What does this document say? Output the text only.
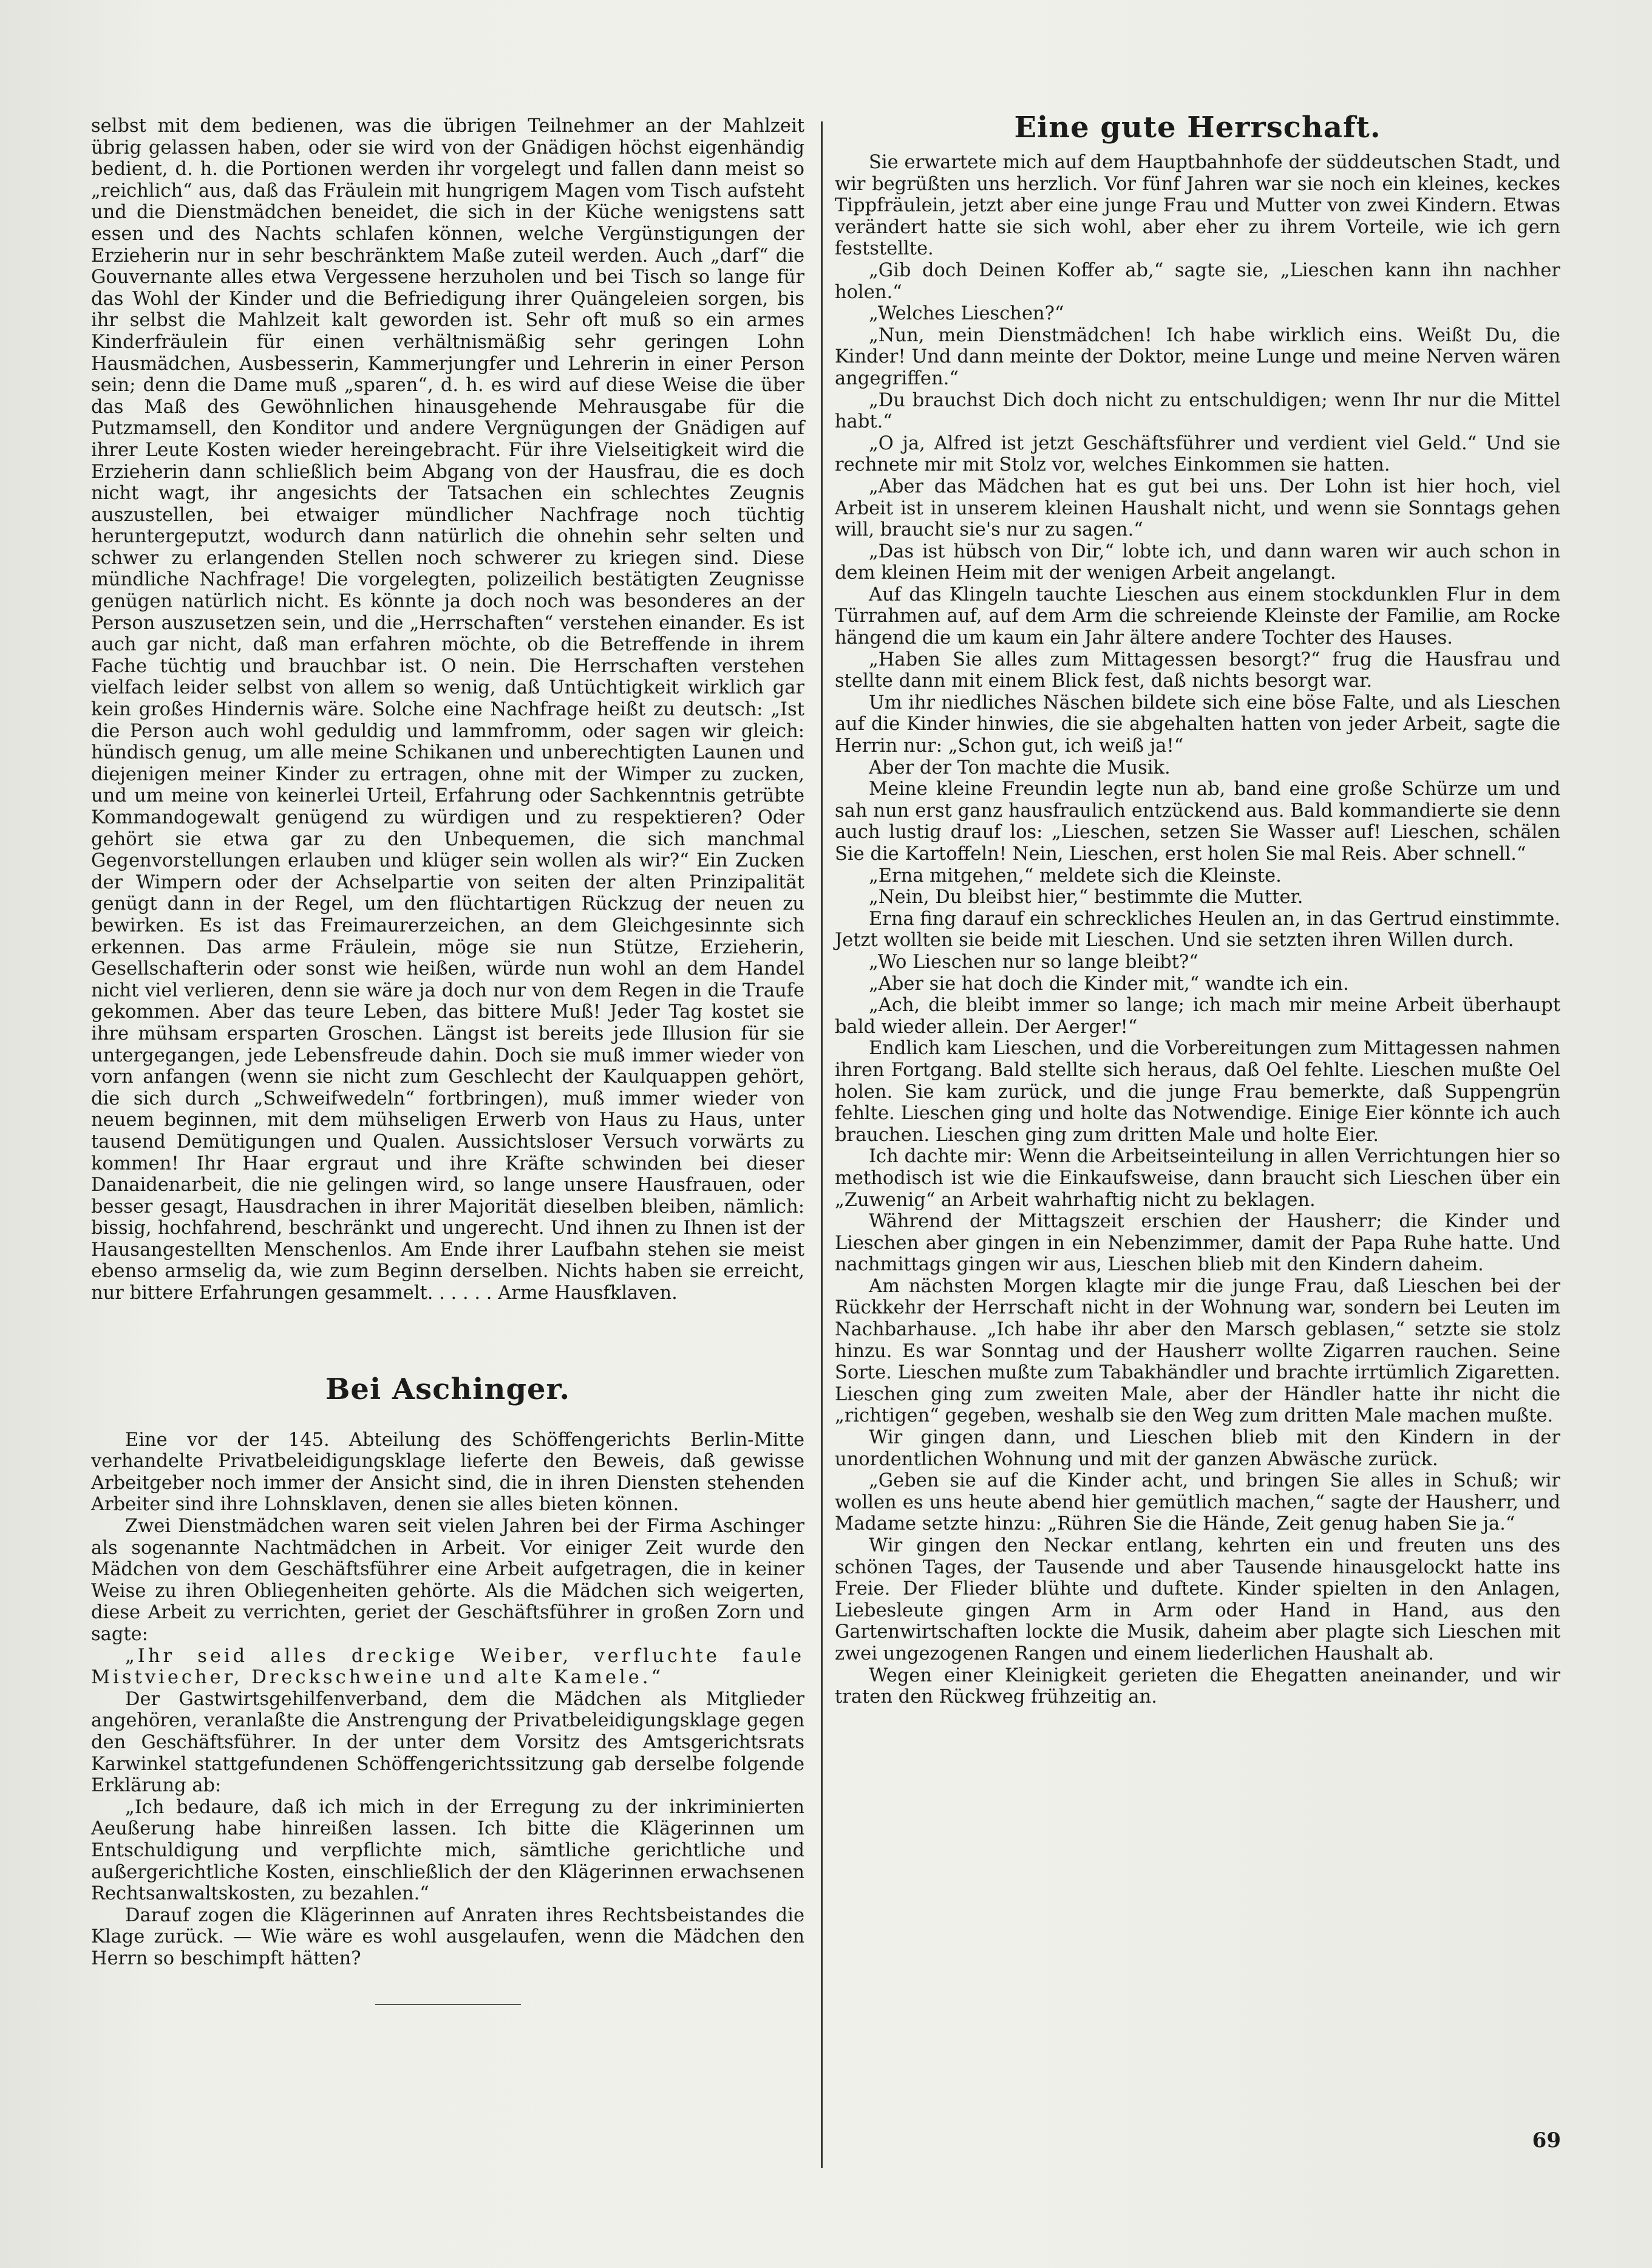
selbst mit dem bedienen, was die übrigen Teilnehmer an der Mahlzeit übrig gelassen haben, oder sie wird von der Gnädigen höchst eigenhändig bedient, d. h. die Portionen werden ihr vorgelegt und fallen dann meist so „reichlich“ aus, daß das Fräulein mit hungrigem Magen vom Tisch aufsteht und die Dienstmädchen beneidet, die sich in der Küche wenigstens satt essen und des Nachts schlafen können, welche Vergünstigungen der Erzieherin nur in sehr beschränktem Maße zuteil werden. Auch „darf“ die Gouvernante alles etwa Vergessene herzuholen und bei Tisch so lange für das Wohl der Kinder und die Befriedigung ihrer Quängeleien sorgen, bis ihr selbst die Mahlzeit kalt geworden ist. Sehr oft muß so ein armes Kinderfräulein für einen verhältnismäßig sehr geringen Lohn Hausmädchen, Ausbesserin, Kammerjungfer und Lehrerin in einer Person sein; denn die Dame muß „sparen“, d. h. es wird auf diese Weise die über das Maß des Gewöhnlichen hinausgehende Mehrausgabe für die Putzmamsell, den Konditor und andere Vergnügungen der Gnädigen auf ihrer Leute Kosten wieder hereingebracht. Für ihre Vielseitigkeit wird die Erzieherin dann schließlich beim Abgang von der Hausfrau, die es doch nicht wagt, ihr angesichts der Tatsachen ein schlechtes Zeugnis auszustellen, bei etwaiger mündlicher Nachfrage noch tüchtig heruntergeputzt, wodurch dann natürlich die ohnehin sehr selten und schwer zu erlangenden Stellen noch schwerer zu kriegen sind. Diese mündliche Nachfrage! Die vorgelegten, polizeilich bestätigten Zeugnisse genügen natürlich nicht. Es könnte ja doch noch was besonderes an der Person auszusetzen sein, und die „Herrschaften“ verstehen einander. Es ist auch gar nicht, daß man erfahren möchte, ob die Betreffende in ihrem Fache tüchtig und brauchbar ist. O nein. Die Herrschaften verstehen vielfach leider selbst von allem so wenig, daß Untüchtigkeit wirklich gar kein großes Hindernis wäre. Solche eine Nachfrage heißt zu deutsch: „Ist die Person auch wohl geduldig und lammfromm, oder sagen wir gleich: hündisch genug, um alle meine Schikanen und unberechtigten Launen und diejenigen meiner Kinder zu ertragen, ohne mit der Wimper zu zucken, und um meine von keinerlei Urteil, Erfahrung oder Sachkenntnis getrübte Kommandogewalt genügend zu würdigen und zu respektieren? Oder gehört sie etwa gar zu den Unbequemen, die sich manchmal Gegenvorstellungen erlauben und klüger sein wollen als wir?“ Ein Zucken der Wimpern oder der Achselpartie von seiten der alten Prinzipalität genügt dann in der Regel, um den flüchtartigen Rückzug der neuen zu bewirken. Es ist das Freimaurerzeichen, an dem Gleichgesinnte sich erkennen. Das arme Fräulein, möge sie nun Stütze, Erzieherin, Gesellschafterin oder sonst wie heißen, würde nun wohl an dem Handel nicht viel verlieren, denn sie wäre ja doch nur von dem Regen in die Traufe gekommen. Aber das teure Leben, das bittere Muß! Jeder Tag kostet sie ihre mühsam ersparten Groschen. Längst ist bereits jede Illusion für sie untergegangen, jede Lebensfreude dahin. Doch sie muß immer wieder von vorn anfangen (wenn sie nicht zum Geschlecht der Kaulquappen gehört, die sich durch „Schweifwedeln“ fortbringen), muß immer wieder von neuem beginnen, mit dem mühseligen Erwerb von Haus zu Haus, unter tausend Demütigungen und Qualen. Aussichtsloser Versuch vorwärts zu kommen! Ihr Haar ergraut und ihre Kräfte schwinden bei dieser Danaidenarbeit, die nie gelingen wird, so lange unsere Hausfrauen, oder besser gesagt, Hausdrachen in ihrer Majorität dieselben bleiben, nämlich: bissig, hochfahrend, beschränkt und ungerecht. Und ihnen zu Ihnen ist der Hausangestellten Menschenlos. Am Ende ihrer Laufbahn stehen sie meist ebenso armselig da, wie zum Beginn derselben. Nichts haben sie erreicht, nur bittere Erfahrungen gesammelt. . . . . . Arme Hausfklaven.

Bei Aschinger.

Eine vor der 145. Abteilung des Schöffengerichts Berlin-Mitte verhandelte Privatbeleidigungsklage lieferte den Beweis, daß gewisse Arbeitgeber noch immer der Ansicht sind, die in ihren Diensten stehenden Arbeiter sind ihre Lohnsklaven, denen sie alles bieten können.

Zwei Dienstmädchen waren seit vielen Jahren bei der Firma Aschinger als sogenannte Nachtmädchen in Arbeit. Vor einiger Zeit wurde den Mädchen von dem Geschäftsführer eine Arbeit aufgetragen, die in keiner Weise zu ihren Obliegenheiten gehörte. Als die Mädchen sich weigerten, diese Arbeit zu verrichten, geriet der Geschäftsführer in großen Zorn und sagte:

„Ihr seid alles dreckige Weiber, verfluchte faule Mistviecher, Dreckschweine und alte Kamele.“

Der Gastwirtsgehilfenverband, dem die Mädchen als Mitglieder angehören, veranlaßte die Anstrengung der Privatbeleidigungsklage gegen den Geschäftsführer. In der unter dem Vorsitz des Amtsgerichtsrats Karwinkel stattgefundenen Schöffengerichtssitzung gab derselbe folgende Erklärung ab:

„Ich bedaure, daß ich mich in der Erregung zu der inkriminierten Aeußerung habe hinreißen lassen. Ich bitte die Klägerinnen um Entschuldigung und verpflichte mich, sämtliche gerichtliche und außergerichtliche Kosten, einschließlich der den Klägerinnen erwachsenen Rechtsanwaltskosten, zu bezahlen.“

Darauf zogen die Klägerinnen auf Anraten ihres Rechtsbeistandes die Klage zurück. — Wie wäre es wohl ausgelaufen, wenn die Mädchen den Herrn so beschimpft hätten?

Eine gute Herrschaft.

Sie erwartete mich auf dem Hauptbahnhofe der süddeutschen Stadt, und wir begrüßten uns herzlich. Vor fünf Jahren war sie noch ein kleines, keckes Tippfräulein, jetzt aber eine junge Frau und Mutter von zwei Kindern. Etwas verändert hatte sie sich wohl, aber eher zu ihrem Vorteile, wie ich gern feststellte.

„Gib doch Deinen Koffer ab,“ sagte sie, „Lieschen kann ihn nachher holen.“

„Welches Lieschen?“

„Nun, mein Dienstmädchen! Ich habe wirklich eins. Weißt Du, die Kinder! Und dann meinte der Doktor, meine Lunge und meine Nerven wären angegriffen.“

„Du brauchst Dich doch nicht zu entschuldigen; wenn Ihr nur die Mittel habt.“

„O ja, Alfred ist jetzt Geschäftsführer und verdient viel Geld.“ Und sie rechnete mir mit Stolz vor, welches Einkommen sie hatten.

„Aber das Mädchen hat es gut bei uns. Der Lohn ist hier hoch, viel Arbeit ist in unserem kleinen Haushalt nicht, und wenn sie Sonntags gehen will, braucht sie's nur zu sagen.“

„Das ist hübsch von Dir,“ lobte ich, und dann waren wir auch schon in dem kleinen Heim mit der wenigen Arbeit angelangt.

Auf das Klingeln tauchte Lieschen aus einem stockdunklen Flur in dem Türrahmen auf, auf dem Arm die schreiende Kleinste der Familie, am Rocke hängend die um kaum ein Jahr ältere andere Tochter des Hauses.

„Haben Sie alles zum Mittagessen besorgt?“ frug die Hausfrau und stellte dann mit einem Blick fest, daß nichts besorgt war.

Um ihr niedliches Näschen bildete sich eine böse Falte, und als Lieschen auf die Kinder hinwies, die sie abgehalten hatten von jeder Arbeit, sagte die Herrin nur: „Schon gut, ich weiß ja!“

Aber der Ton machte die Musik.

Meine kleine Freundin legte nun ab, band eine große Schürze um und sah nun erst ganz hausfraulich entzückend aus. Bald kommandierte sie denn auch lustig drauf los: „Lieschen, setzen Sie Wasser auf! Lieschen, schälen Sie die Kartoffeln! Nein, Lieschen, erst holen Sie mal Reis. Aber schnell.“

„Erna mitgehen,“ meldete sich die Kleinste.

„Nein, Du bleibst hier,“ bestimmte die Mutter.

Erna fing darauf ein schreckliches Heulen an, in das Gertrud einstimmte. Jetzt wollten sie beide mit Lieschen. Und sie setzten ihren Willen durch.

„Wo Lieschen nur so lange bleibt?“

„Aber sie hat doch die Kinder mit,“ wandte ich ein.

„Ach, die bleibt immer so lange; ich mach mir meine Arbeit überhaupt bald wieder allein. Der Aerger!“

Endlich kam Lieschen, und die Vorbereitungen zum Mittagessen nahmen ihren Fortgang. Bald stellte sich heraus, daß Oel fehlte. Lieschen mußte Oel holen. Sie kam zurück, und die junge Frau bemerkte, daß Suppengrün fehlte. Lieschen ging und holte das Notwendige. Einige Eier könnte ich auch brauchen. Lieschen ging zum dritten Male und holte Eier.

Ich dachte mir: Wenn die Arbeitseinteilung in allen Verrichtungen hier so methodisch ist wie die Einkaufsweise, dann braucht sich Lieschen über ein „Zuwenig“ an Arbeit wahrhaftig nicht zu beklagen.

Während der Mittagszeit erschien der Hausherr; die Kinder und Lieschen aber gingen in ein Nebenzimmer, damit der Papa Ruhe hatte. Und nachmittags gingen wir aus, Lieschen blieb mit den Kindern daheim.

Am nächsten Morgen klagte mir die junge Frau, daß Lieschen bei der Rückkehr der Herrschaft nicht in der Wohnung war, sondern bei Leuten im Nachbarhause. „Ich habe ihr aber den Marsch geblasen,“ setzte sie stolz hinzu. Es war Sonntag und der Hausherr wollte Zigarren rauchen. Seine Sorte. Lieschen mußte zum Tabakhändler und brachte irrtümlich Zigaretten. Lieschen ging zum zweiten Male, aber der Händler hatte ihr nicht die „richtigen“ gegeben, weshalb sie den Weg zum dritten Male machen mußte.

Wir gingen dann, und Lieschen blieb mit den Kindern in der unordentlichen Wohnung und mit der ganzen Abwäsche zurück.

„Geben sie auf die Kinder acht, und bringen Sie alles in Schuß; wir wollen es uns heute abend hier gemütlich machen,“ sagte der Hausherr, und Madame setzte hinzu: „Rühren Sie die Hände, Zeit genug haben Sie ja.“

Wir gingen den Neckar entlang, kehrten ein und freuten uns des schönen Tages, der Tausende und aber Tausende hinausgelockt hatte ins Freie. Der Flieder blühte und duftete. Kinder spielten in den Anlagen, Liebesleute gingen Arm in Arm oder Hand in Hand, aus den Gartenwirtschaften lockte die Musik, daheim aber plagte sich Lieschen mit zwei ungezogenen Rangen und einem liederlichen Haushalt ab.

Wegen einer Kleinigkeit gerieten die Ehegatten aneinander, und wir traten den Rückweg frühzeitig an.

69
